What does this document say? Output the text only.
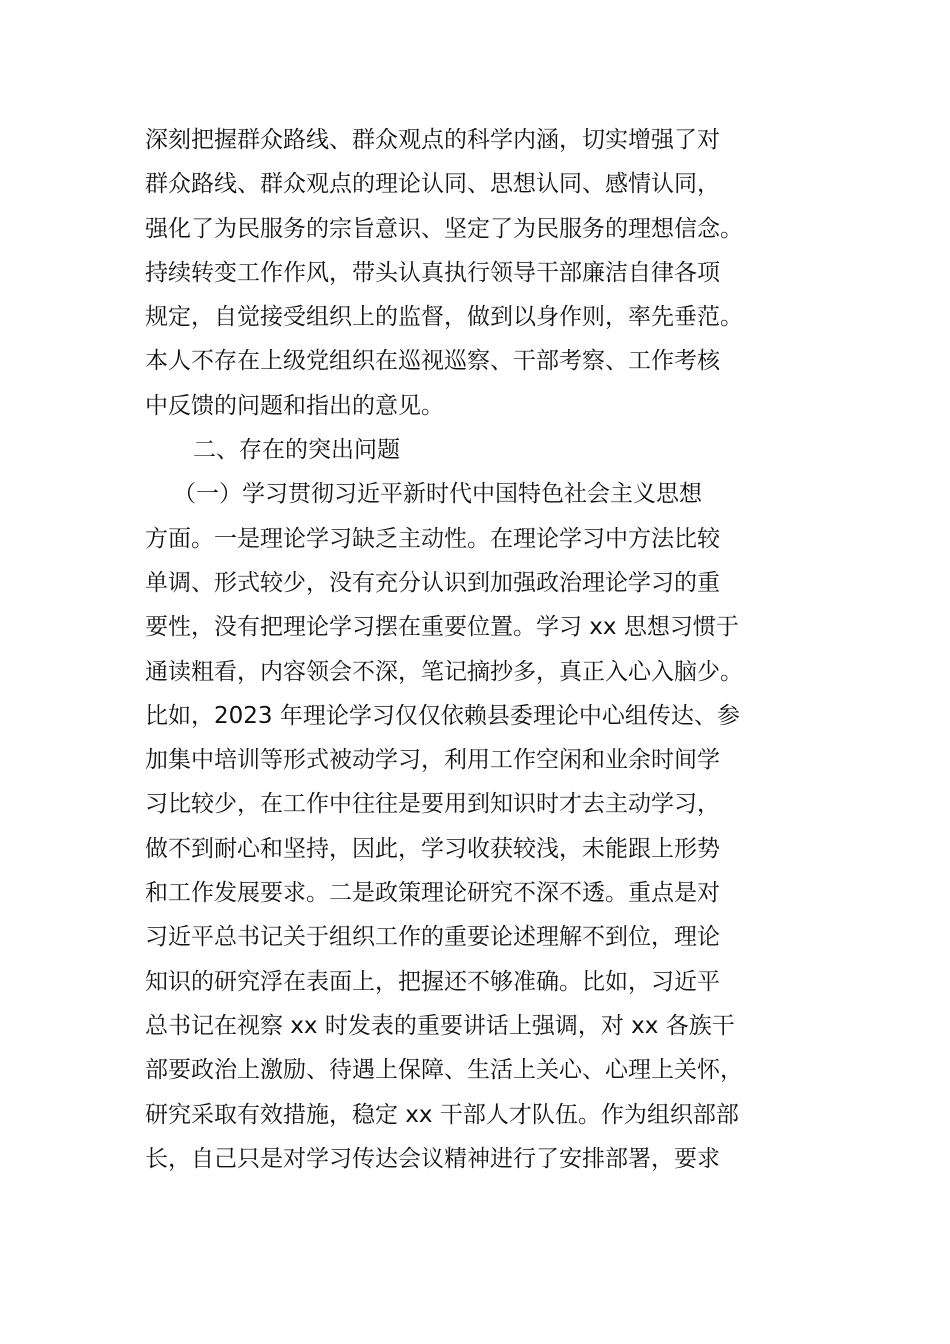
深刻把握群众路线、群众观点的科学内涵，切实增强了对
群众路线、群众观点的理论认同、思想认同、感情认同，
强化了为民服务的宗旨意识、坚定了为民服务的理想信念。
持续转变工作作风，带头认真执行领导干部廉洁自律各项
规定，自觉接受组织上的监督，做到以身作则，率先垂范。
本人不存在上级党组织在巡视巡察、干部考察、工作考核
中反馈的问题和指出的意见。
二、存在的突出问题
（一）学习贯彻习近平新时代中国特色社会主义思想
方面。一是理论学习缺乏主动性。在理论学习中方法比较
单调、形式较少，没有充分认识到加强政治理论学习的重
要性，没有把理论学习摆在重要位置。学习 xx 思想习惯于
通读粗看，内容领会不深，笔记摘抄多，真正入心入脑少。
比如，2023 年理论学习仅仅依赖县委理论中心组传达、参
加集中培训等形式被动学习，利用工作空闲和业余时间学
习比较少，在工作中往往是要用到知识时才去主动学习，
做不到耐心和坚持，因此，学习收获较浅，未能跟上形势
和工作发展要求。二是政策理论研究不深不透。重点是对
习近平总书记关于组织工作的重要论述理解不到位，理论
知识的研究浮在表面上，把握还不够准确。比如，习近平
总书记在视察 xx 时发表的重要讲话上强调，对 xx 各族干
部要政治上激励、待遇上保障、生活上关心、心理上关怀，
研究采取有效措施，稳定 xx 干部人才队伍。作为组织部部
长，自己只是对学习传达会议精神进行了安排部署，要求
